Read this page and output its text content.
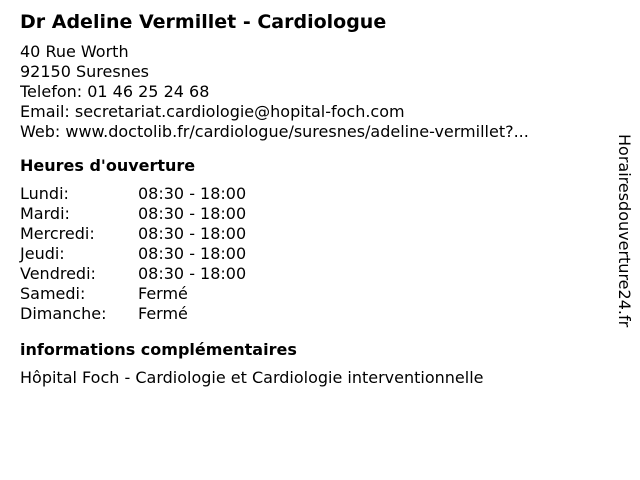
Dr Adeline Vermillet - Cardiologue
40 Rue Worth
92150 Suresnes
Telefon: 01 46 25 24 68
Email: secretariat.cardiologie@hopital-foch.com
Web: www.doctolib.fr/cardiologue/suresnes/adeline-vermillet?...
Heures d'ouverture
Lundi:	08:30 - 18:00
Mardi:	08:30 - 18:00
Mercredi:	08:30 - 18:00
Jeudi:	08:30 - 18:00
Vendredi:	08:30 - 18:00
Samedi:	Fermé
Dimanche:	Fermé
informations complémentaires
Hôpital Foch - Cardiologie et Cardiologie interventionnelle
Horairesdouverture24.fr
